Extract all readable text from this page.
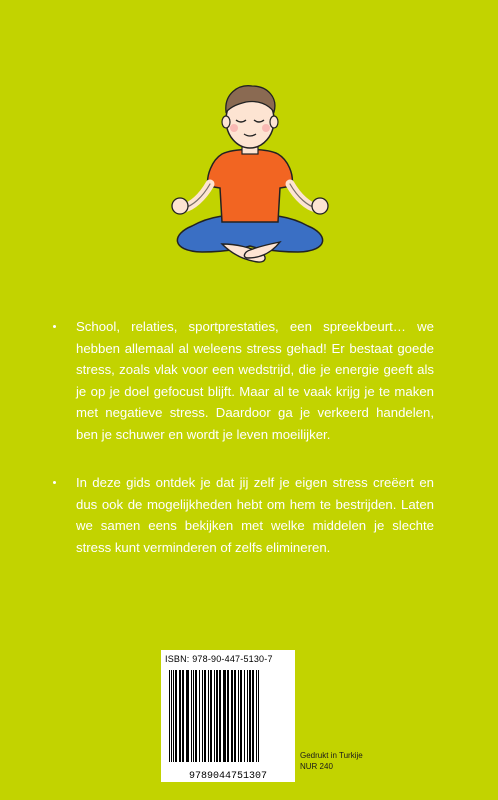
School, relaties, sportprestaties, een spreekbeurt… we hebben allemaal al weleens stress gehad! Er bestaat goede stress, zoals vlak voor een wedstrijd, die je energie geeft als je op je doel gefocust blijft. Maar al te vaak krijg je te maken met negatieve stress. Daardoor ga je verkeerd handelen, ben je schuwer en wordt je leven moeilijker.

In deze gids ontdek je dat jij zelf je eigen stress creëert en dus ook de mogelijkheden hebt om hem te bestrijden. Laten we samen eens bekijken met welke middelen je slechte stress kunt verminderen of zelfs elimineren.

ISBN: 978-90-447-5130-7
9789044751307
Gedrukt in Turkije
NUR 240
